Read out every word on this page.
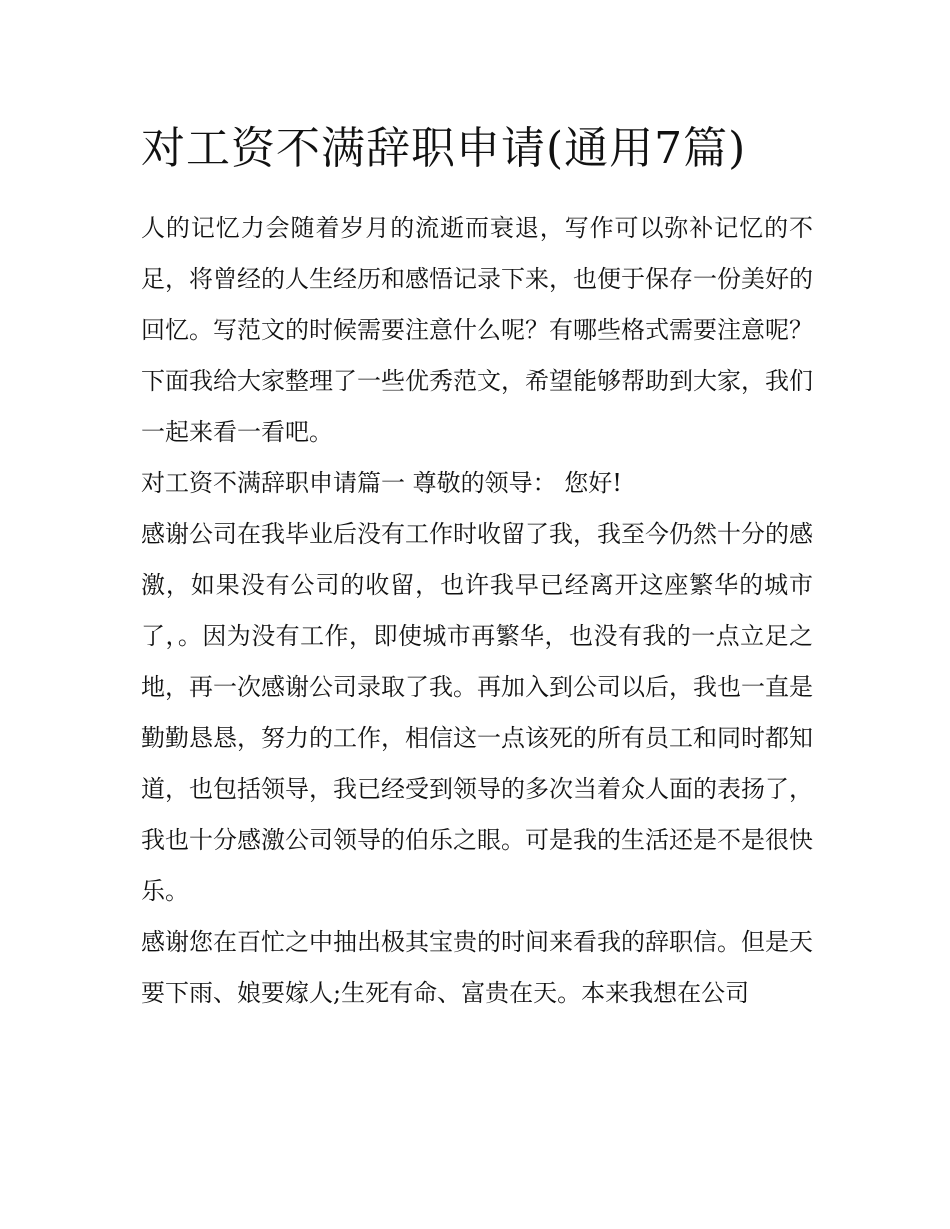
对工资不满辞职申请(通用7篇)

人的记忆力会随着岁月的流逝而衰退，写作可以弥补记忆的不足，将曾经的人生经历和感悟记录下来，也便于保存一份美好的回忆。写范文的时候需要注意什么呢？有哪些格式需要注意呢？下面我给大家整理了一些优秀范文，希望能够帮助到大家，我们一起来看一看吧。

对工资不满辞职申请篇一 尊敬的领导： 您好!

感谢公司在我毕业后没有工作时收留了我，我至今仍然十分的感激，如果没有公司的收留，也许我早已经离开这座繁华的城市了，。因为没有工作，即使城市再繁华，也没有我的一点立足之地，再一次感谢公司录取了我。再加入到公司以后，我也一直是勤勤恳恳，努力的工作，相信这一点该死的所有员工和同时都知道，也包括领导，我已经受到领导的多次当着众人面的表扬了，我也十分感激公司领导的伯乐之眼。可是我的生活还是不是很快乐。

感谢您在百忙之中抽出极其宝贵的时间来看我的辞职信。但是天要下雨、娘要嫁人;生死有命、富贵在天。本来我想在公司
